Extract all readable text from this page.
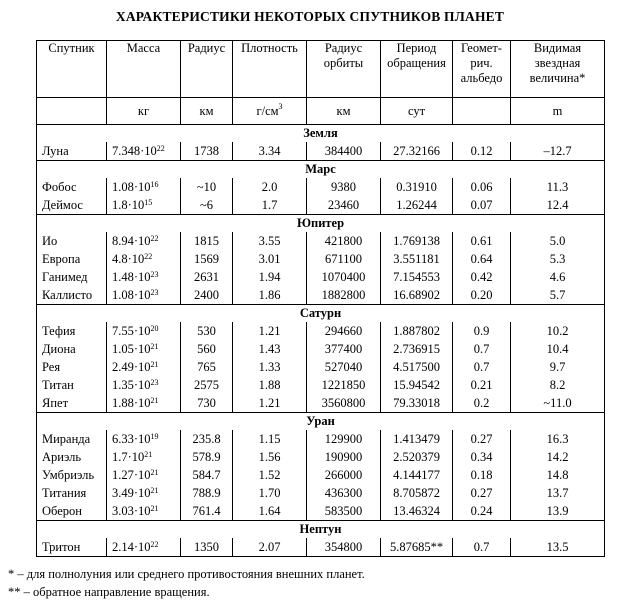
ХАРАКТЕРИСТИКИ НЕКОТОРЫХ СПУТНИКОВ ПЛАНЕТ
Спутник	Масса	Радиус	Плотность	Радиус орбиты	Период обращения	Геомет-рич. альбедо	Видимая звездная величина*
	кг	км	$г/см^3$	км	сут		m
Земля							
Луна	$7.348\cdot 10^{22}$	1738	3.34	384400	27.32166	0.12	–12.7
Марс							
Фобос	$1.08\cdot 10^{16}$	~10	2.0	9380	0.31910	0.06	11.3
Деймос	$1.8\cdot 10^{15}$	~6	1.7	23460	1.26244	0.07	12.4
Юпитер							
Ио	$8.94\cdot 10^{22}$	1815	3.55	421800	1.769138	0.61	5.0
Европа	$4.8\cdot 10^{22}$	1569	3.01	671100	3.551181	0.64	5.3
Ганимед	$1.48\cdot 10^{23}$	2631	1.94	1070400	7.154553	0.42	4.6
Каллисто	$1.08\cdot 10^{23}$	2400	1.86	1882800	16.68902	0.20	5.7
Сатурн							
Тефия	$7.55\cdot 10^{20}$	530	1.21	294660	1.887802	0.9	10.2
Диона	$1.05\cdot 10^{21}$	560	1.43	377400	2.736915	0.7	10.4
Рея	$2.49\cdot 10^{21}$	765	1.33	527040	4.517500	0.7	9.7
Титан	$1.35\cdot 10^{23}$	2575	1.88	1221850	15.94542	0.21	8.2
Япет	$1.88\cdot 10^{21}$	730	1.21	3560800	79.33018	0.2	~11.0
Уран							
Миранда	$6.33\cdot 10^{19}$	235.8	1.15	129900	1.413479	0.27	16.3
Ариэль	$1.7\cdot 10^{21}$	578.9	1.56	190900	2.520379	0.34	14.2
Умбриэль	$1.27\cdot 10^{21}$	584.7	1.52	266000	4.144177	0.18	14.8
Титания	$3.49\cdot 10^{21}$	788.9	1.70	436300	8.705872	0.27	13.7
Оберон	$3.03\cdot 10^{21}$	761.4	1.64	583500	13.46324	0.24	13.9
Нептун							
Тритон	$2.14\cdot 10^{22}$	1350	2.07	354800	5.87685**	0.7	13.5
* – для полнолуния или среднего противостояния внешних планет.
** – обратное направление вращения.
